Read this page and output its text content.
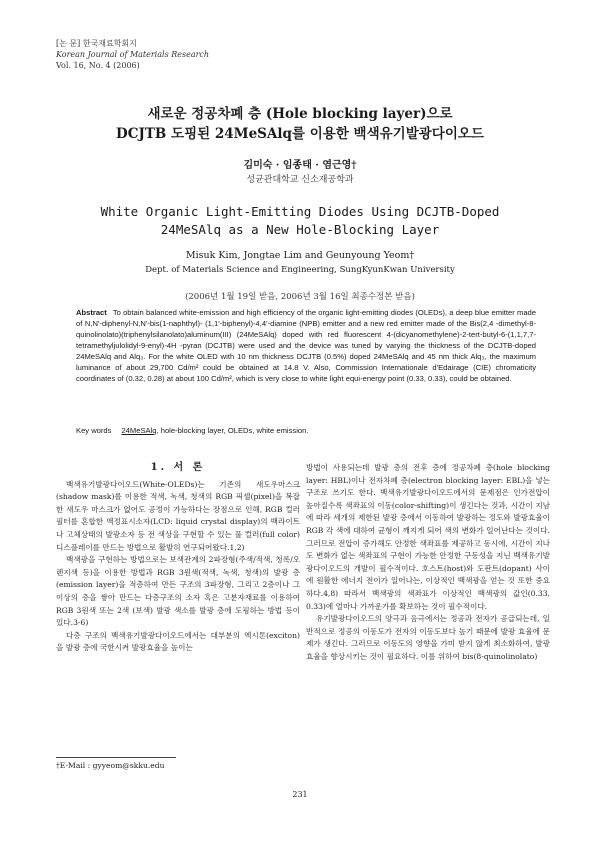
[논 문] 한국재료학회지
Korean Journal of Materials Research
Vol. 16, No. 4 (2006)
새로운 정공차폐 층 (Hole blocking layer)으로
DCJTB 도핑된 24MeSAlq를 이용한 백색유기발광다이오드
김미숙 · 임종태 · 염근영†
성균관대학교 신소재공학과
White Organic Light-Emitting Diodes Using DCJTB-Doped
24MeSAlq as a New Hole-Blocking Layer
Misuk Kim, Jongtae Lim and Geunyoung Yeom†
Dept. of Materials Science and Engineering, SungKyunKwan University
(2006년 1월 19일 받음, 2006년 3월 16일 최종수정본 받음)
Abstract To obtain balanced white-emission and high efficiency of the organic light-emitting diodes (OLEDs), a deep blue emitter made of N,N'-diphenyl-N,N'-bis(1-naphthyl)- (1,1'-biphenyl)-4,4'-diamine (NPB) emitter and a new red emitter made of the Bis(2,4 -dimethyl-8-quinolinolato)(triphenylsilanolato)aluminum(III) (24MeSAlq) doped with red fluorescent 4-(dicyanomethylene)-2-tert-butyl-6-(1,1,7,7-tetramethyljulolidyl-9-enyl)-4H -pyran (DCJTB) were used and the device was tuned by varying the thickness of the DCJTB-doped 24MeSAlq and Alq₃. For the white OLED with 10 nm thickness DCJTB (0.5%) doped 24MeSAlq and 45 nm thick Alq₃, the maximum luminance of about 29,700 Cd/m² could be obtained at 14.8 V. Also, Commission Internationale d'Edairage (CIE) chromaticity coordinates of (0.32, 0.28) at about 100 Cd/m², which is very close to white light equi-energy point (0.33, 0.33), could be obtained.
Key words 24MeSAlq, hole-blocking layer, OLEDs, white emission.
1. 서 론

백색유기발광다이오드(White-OLEDs)는 기존의 새도우마스크(shadow mask)를 이용한 적색, 녹색, 청색의 RGB 픽셀(pixel)을 복잡한 새도우 마스크가 없어도 공정이 가능하다는 장점으로 인해, RGB 컬러필터를 혼합한 액정표시소자(LCD: liquid crystal display)의 백라이트나 고체상태의 발광소자 등 전 색상을 구현할 수 있는 풀 컬러(full color) 디스플레이를 만드는 방법으로 활발히 연구되어왔다.1,2)

백색광을 구현하는 방법으로는 보색관계의 2파장형(주색/적색, 청록/오렌지색 등)을 이용한 방법과 RGB 3원색(적색, 녹색, 청색)의 발광 층(emission layer)을 적층하여 만든 구조의 3파장형, 그리고 2층이나 그 이상의 층을 쌓아 만드는 다층구조의 소자 혹은 고분자재료를 이용하여 RGB 3원색 또는 2색 (보색) 발광 색소를 발광 층에 도핑하는 방법 등이 있다.3-6)

다층 구조의 백색유기발광다이오드에서는 대부분의 엑시톤(exciton)을 발광 층에 국한시켜 발광효율을 높이는

방법이 사용되는데 발광 층의 전후 층에 정공차폐 층(hole blocking layer: HBL)이나 전자차폐 층(electron blocking layer: EBL)을 넣는 구조로 쓰기도 한다. 백색유기발광다이오드에서의 문제점은 인가전압이 높아질수록 색좌표의 이동(color-shifting)이 생긴다는 것과, 시간이 지남에 따라 세개의 제한된 발광 층에서 이동하여 발광하는 정도와 발광효율이 RGB 각 색에 대하여 균형이 깨지게 되어 색의 변화가 일어난다는 것이다. 그러므로 전압이 증가해도 안정한 색좌표를 제공하고 동시에, 시간이 지나도 변화가 없는 색좌표의 구현이 가능한 안정한 구동성을 지닌 백색유기발광다이오드의 개발이 필수적이다. 호스트(host)와 도판트(dopant) 사이에 원활한 에너지 전이가 일어나는, 이상적인 백색광을 얻는 것 또한 중요하다.4,8) 따라서 백색광의 색좌표가 이상적인 백색광의 값인(0.33, 0.33)에 얼마나 가까운가를 확보하는 것이 필수적이다.

유기발광다이오드의 양극과 음극에서는 정공과 전자가 공급되는데, 일반적으로 정공의 이동도가 전자의 이동도보다 높기 때문에 발광 효율에 문제가 생긴다. 그러므로 이동도의 영향을 가미 받지 않게 최소화하여, 발광효율을 향상시키는 것이 필요하다. 이를 위하여 bis(8-quinolinolato)

†E-Mail : gyyeom@skku.edu
231
